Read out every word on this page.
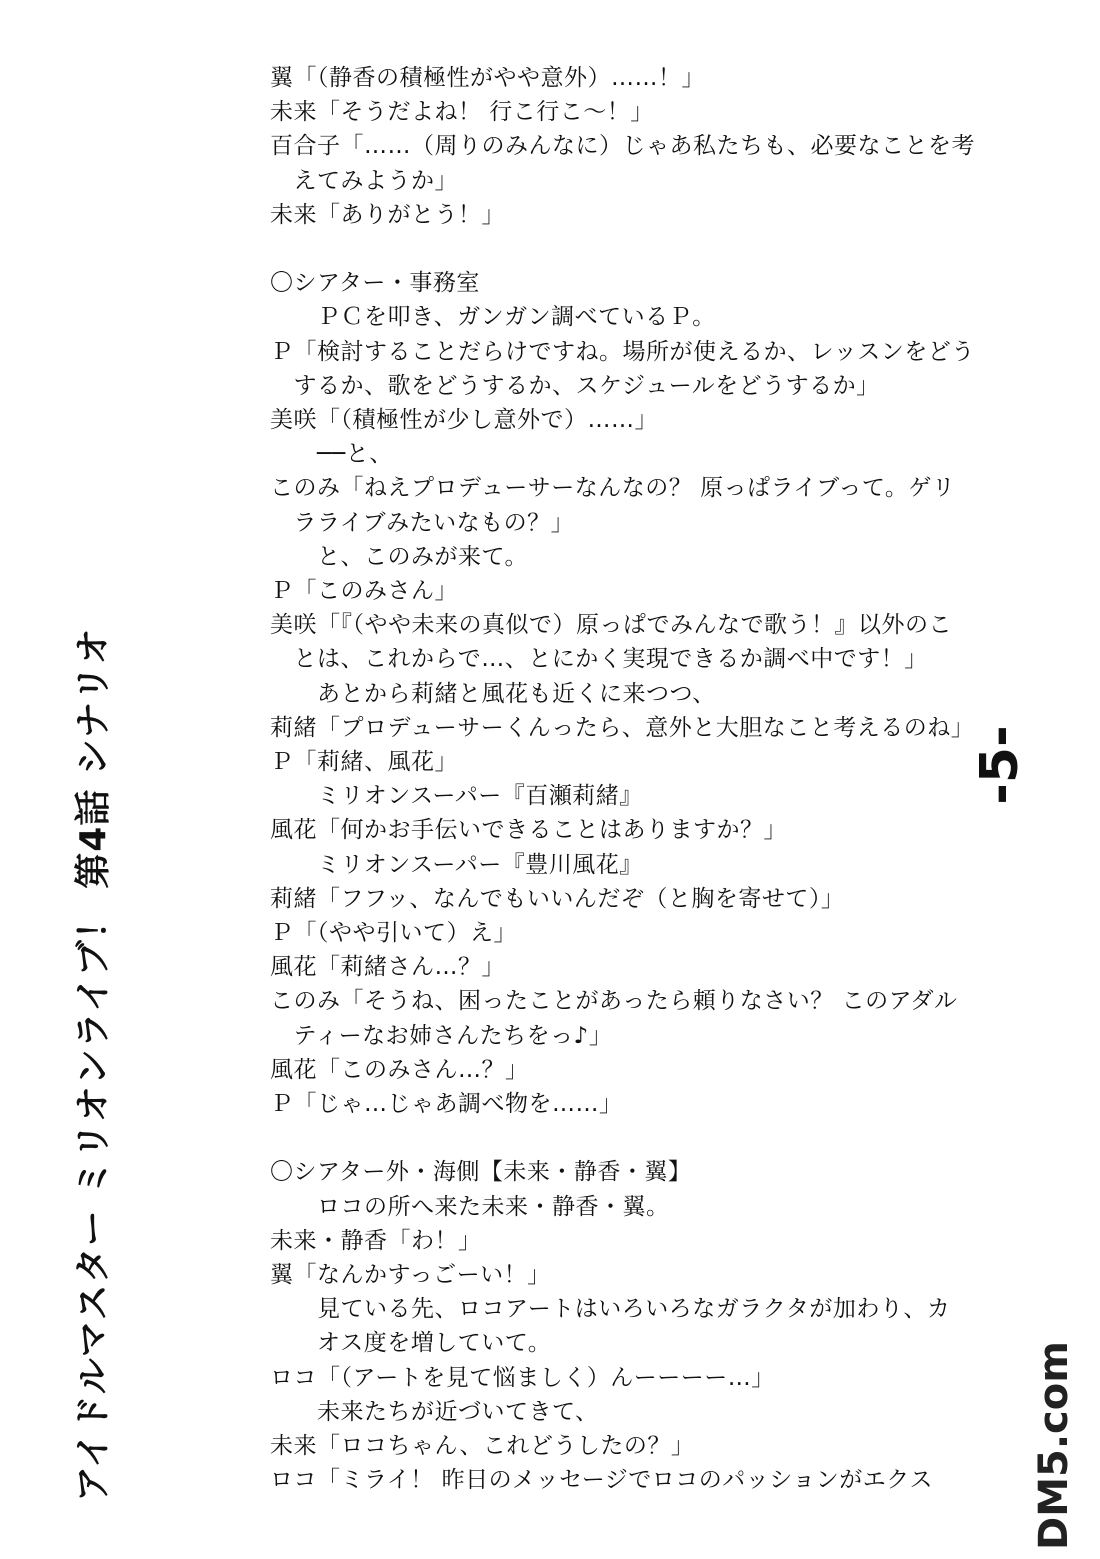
アイドルマスター ミリオンライブ！ 第4話 シナリオ
翼「（静香の積極性がやや意外）……！」
未来「そうだよね！ 行こ行こ～！」
百合子「……（周りのみんなに）じゃあ私たちも、必要なことを考
　えてみようか」
未来「ありがとう！」
〇シアター・事務室
　　ＰＣを叩き、ガンガン調べているＰ。
Ｐ「検討することだらけですね。場所が使えるか、レッスンをどう
　するか、歌をどうするか、スケジュールをどうするか」
美咲「（積極性が少し意外で）……」
　　──と、
このみ「ねえプロデューサーなんなの？ 原っぱライブって。ゲリ
　ラライブみたいなもの？」
　　と、このみが来て。
Ｐ「このみさん」
美咲「『（やや未来の真似で）原っぱでみんなで歌う！』以外のこ
　とは、これからで…、とにかく実現できるか調べ中です！」
　　あとから莉緒と風花も近くに来つつ、
莉緒「プロデューサーくんったら、意外と大胆なこと考えるのね」
Ｐ「莉緒、風花」
　　ミリオンスーパー『百瀬莉緒』
風花「何かお手伝いできることはありますか？」
　　ミリオンスーパー『豊川風花』
莉緒「フフッ、なんでもいいんだぞ（と胸を寄せて）」
Ｐ「（やや引いて）え」
風花「莉緒さん…？」
このみ「そうね、困ったことがあったら頼りなさい？ このアダル
　ティーなお姉さんたちをっ♪」
風花「このみさん…？」
Ｐ「じゃ…じゃあ調べ物を……」
〇シアター外・海側【未来・静香・翼】
　　ロコの所へ来た未来・静香・翼。
未来・静香「わ！」
翼「なんかすっごーい！」
　　見ている先、ロコアートはいろいろなガラクタが加わり、カ
　　オス度を増していて。
ロコ「（アートを見て悩ましく）んーーーー…」
　　未来たちが近づいてきて、
未来「ロコちゃん、これどうしたの？」
ロコ「ミライ！ 昨日のメッセージでロコのパッションがエクス
-5-
DM5.com
